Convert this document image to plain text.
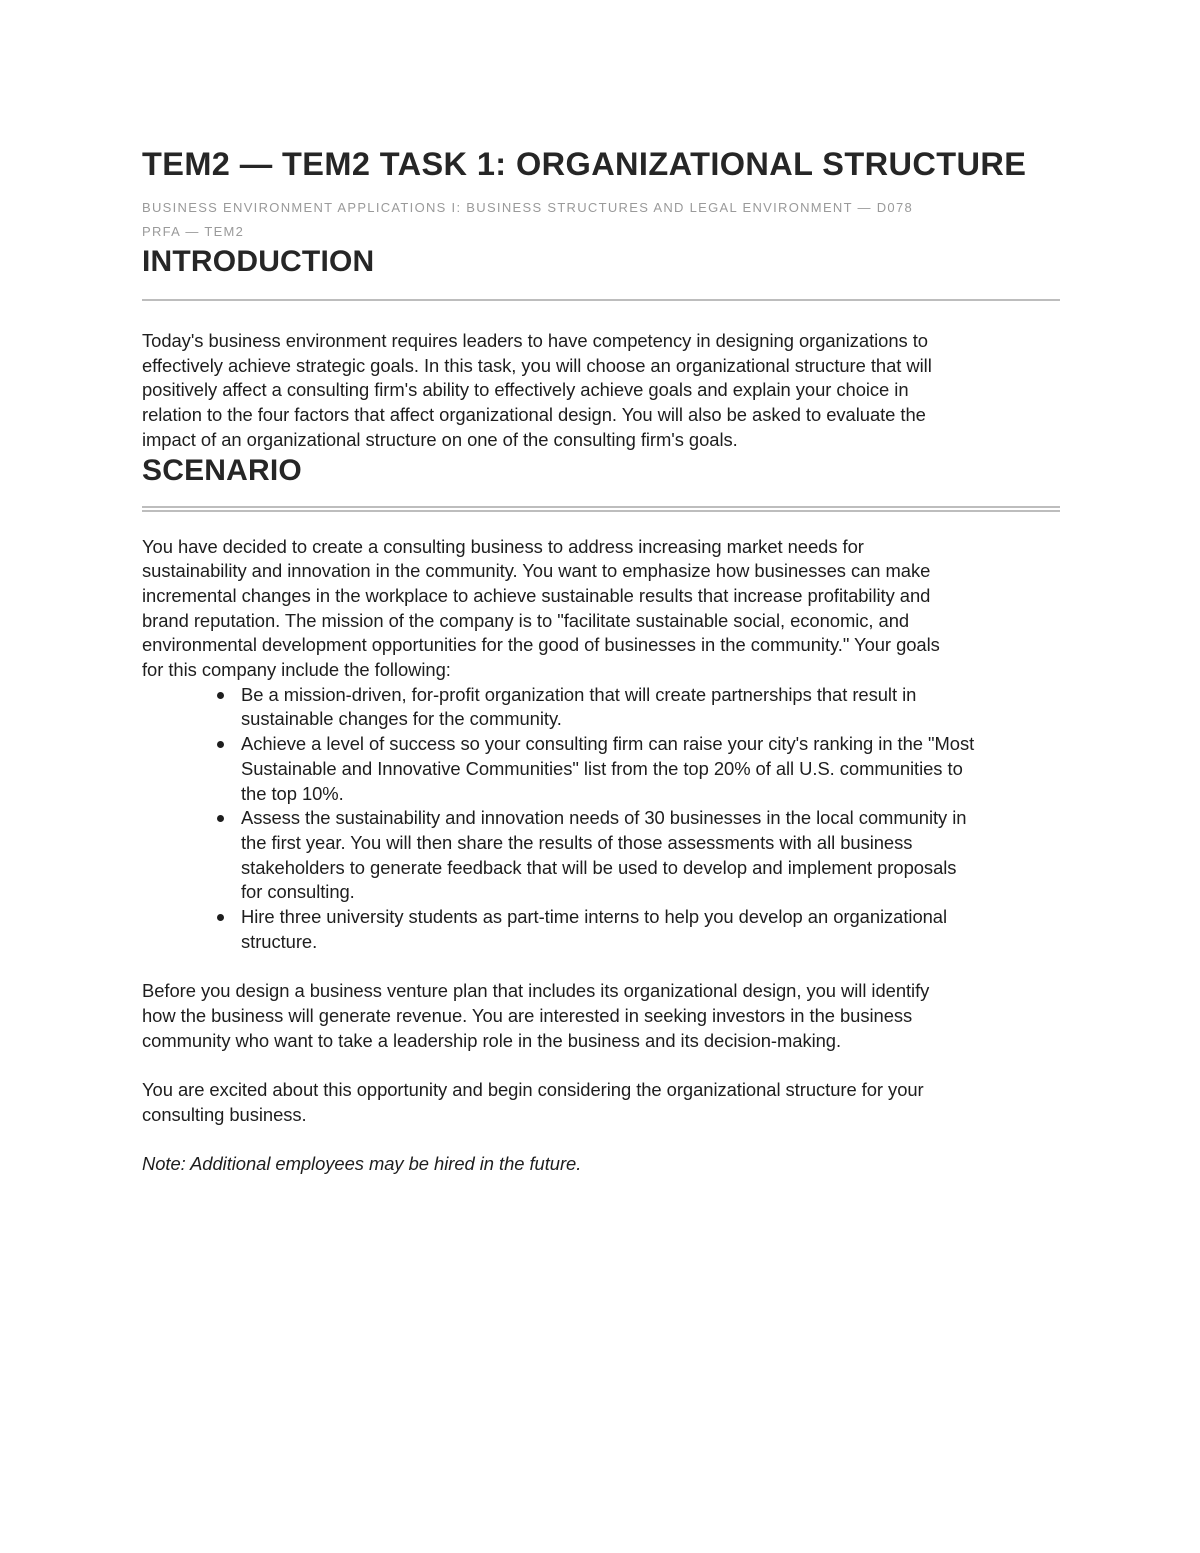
TEM2 — TEM2 TASK 1: ORGANIZATIONAL STRUCTURE

BUSINESS ENVIRONMENT APPLICATIONS I: BUSINESS STRUCTURES AND LEGAL ENVIRONMENT — D078

PRFA — TEM2

INTRODUCTION

Today's business environment requires leaders to have competency in designing organizations to
effectively achieve strategic goals. In this task, you will choose an organizational structure that will
positively affect a consulting firm's ability to effectively achieve goals and explain your choice in
relation to the four factors that affect organizational design. You will also be asked to evaluate the
impact of an organizational structure on one of the consulting firm's goals.

SCENARIO

You have decided to create a consulting business to address increasing market needs for
sustainability and innovation in the community. You want to emphasize how businesses can make
incremental changes in the workplace to achieve sustainable results that increase profitability and
brand reputation. The mission of the company is to "facilitate sustainable social, economic, and
environmental development opportunities for the good of businesses in the community." Your goals
for this company include the following:

Be a mission-driven, for-profit organization that will create partnerships that result in
sustainable changes for the community.
Achieve a level of success so your consulting firm can raise your city's ranking in the "Most
Sustainable and Innovative Communities" list from the top 20% of all U.S. communities to
the top 10%.
Assess the sustainability and innovation needs of 30 businesses in the local community in
the first year. You will then share the results of those assessments with all business
stakeholders to generate feedback that will be used to develop and implement proposals
for consulting.
Hire three university students as part-time interns to help you develop an organizational
structure.

Before you design a business venture plan that includes its organizational design, you will identify
how the business will generate revenue. You are interested in seeking investors in the business
community who want to take a leadership role in the business and its decision-making.

You are excited about this opportunity and begin considering the organizational structure for your
consulting business.

Note: Additional employees may be hired in the future.
